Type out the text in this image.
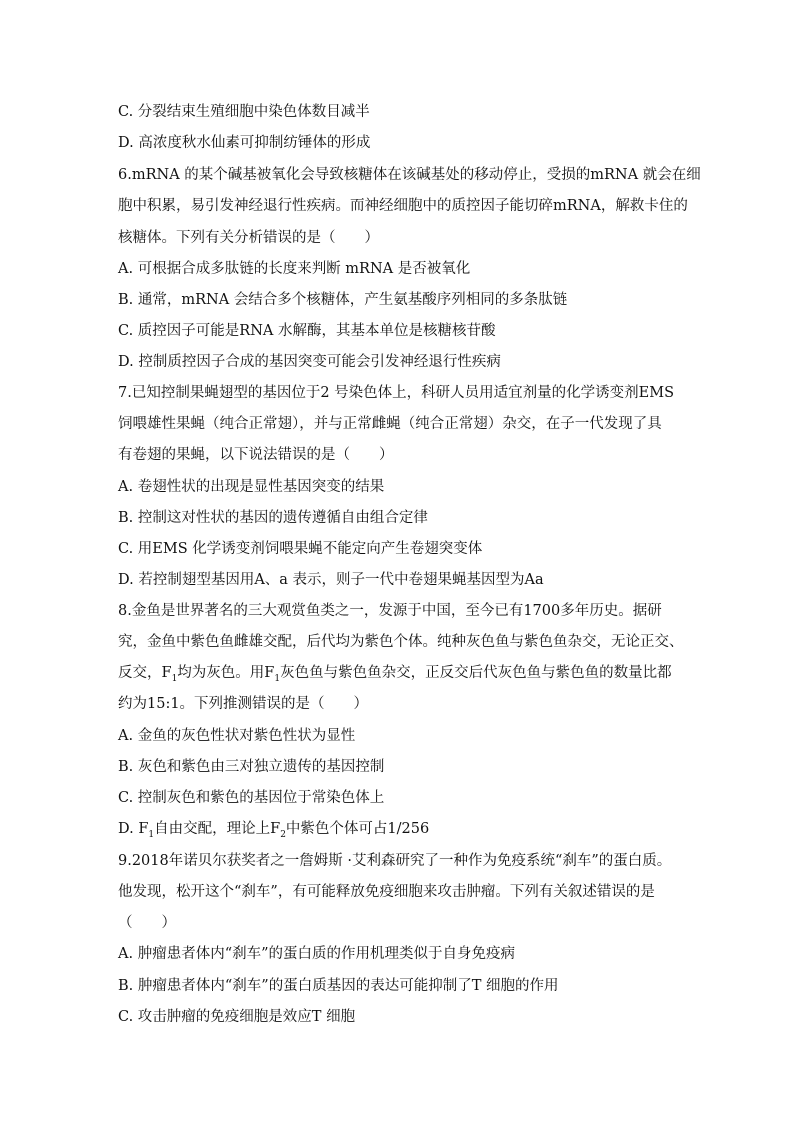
C. 分裂结束生殖细胞中染色体数目减半
D. 高浓度秋水仙素可抑制纺锤体的形成
6.mRNA 的某个碱基被氧化会导致核糖体在该碱基处的移动停止，受损的mRNA 就会在细
胞中积累，易引发神经退行性疾病。而神经细胞中的质控因子能切碎mRNA，解救卡住的
核糖体。下列有关分析错误的是（　　）
A. 可根据合成多肽链的长度来判断 mRNA 是否被氧化
B. 通常，mRNA 会结合多个核糖体，产生氨基酸序列相同的多条肽链
C. 质控因子可能是RNA 水解酶，其基本单位是核糖核苷酸
D. 控制质控因子合成的基因突变可能会引发神经退行性疾病
7.已知控制果蝇翅型的基因位于2 号染色体上，科研人员用适宜剂量的化学诱变剂EMS
饲喂雄性果蝇（纯合正常翅），并与正常雌蝇（纯合正常翅）杂交，在子一代发现了具
有卷翅的果蝇，以下说法错误的是（　　）
A. 卷翅性状的出现是显性基因突变的结果
B. 控制这对性状的基因的遗传遵循自由组合定律
C. 用EMS 化学诱变剂饲喂果蝇不能定向产生卷翅突变体
D. 若控制翅型基因用A、a 表示，则子一代中卷翅果蝇基因型为Aa
8.金鱼是世界著名的三大观赏鱼类之一，发源于中国，至今已有1700多年历史。据研
究，金鱼中紫色鱼雌雄交配，后代均为紫色个体。纯种灰色鱼与紫色鱼杂交，无论正交、
反交，$F_1$均为灰色。用$F_1$灰色鱼与紫色鱼杂交，正反交后代灰色鱼与紫色鱼的数量比都
约为15:1。下列推测错误的是（　　）
A. 金鱼的灰色性状对紫色性状为显性
B. 灰色和紫色由三对独立遗传的基因控制
C. 控制灰色和紫色的基因位于常染色体上
D. $F_1$自由交配，理论上$F_2$中紫色个体可占1/256
9.2018年诺贝尔获奖者之一詹姆斯 ·艾利森研究了一种作为免疫系统“刹车”的蛋白质。
他发现，松开这个“刹车”，有可能释放免疫细胞来攻击肿瘤。下列有关叙述错误的是
（　　）
A. 肿瘤患者体内“刹车”的蛋白质的作用机理类似于自身免疫病
B. 肿瘤患者体内“刹车”的蛋白质基因的表达可能抑制了T 细胞的作用
C. 攻击肿瘤的免疫细胞是效应T 细胞
